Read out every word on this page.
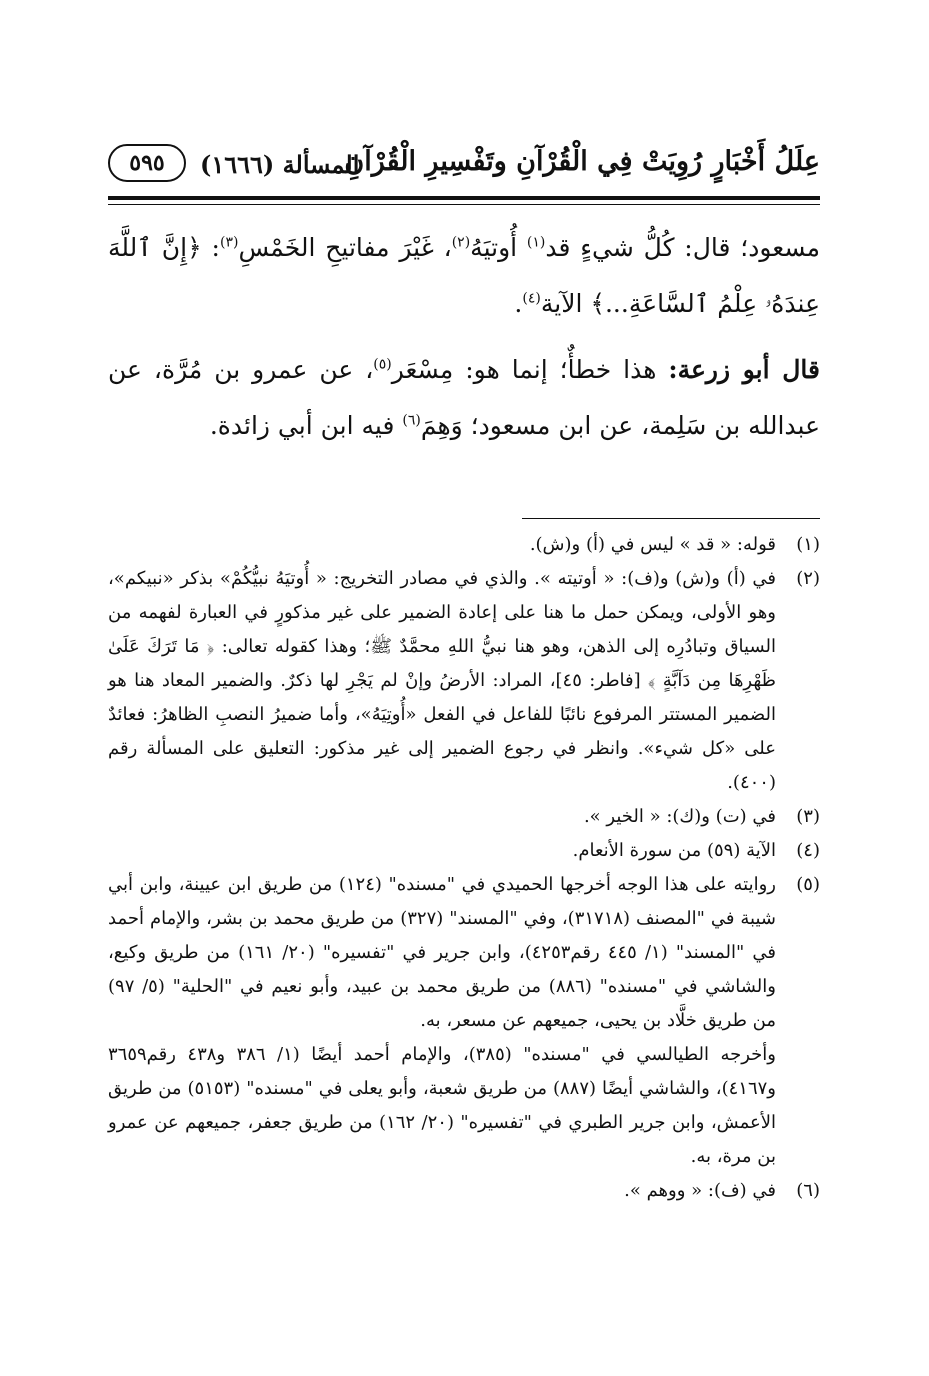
عِلَلُ أَخْبَارٍ رُوِيَتْ فِي الْقُرْآنِ وتَفْسِيرِ الْقُرْآنِ
المسألة (١٦٦٦)
٥٩٥

مسعود؛ قال: كُلُّ شيءٍ قد$^{(١)}$ أُوتيَهُ$^{(٢)}$، غَيْرَ مفاتيحِ الخَمْسِ$^{(٣)}$: ﴿إِنَّ ٱللَّهَ عِندَهُۥ عِلْمُ ٱلسَّاعَةِ...﴾ الآية$^{(٤)}$.

قال أبو زرعة: هذا خطأٌ؛ إنما هو: مِسْعَر$^{(٥)}$، عن عمرو بن مُرَّة، عن عبدالله بن سَلِمة، عن ابن مسعود؛ وَهِمَ$^{(٦)}$ فيه ابن أبي زائدة.

(١)
قوله: « قد » ليس في (أ) و(ش).

(٢)
في (أ) و(ش) و(ف): « أوتيته ». والذي في مصادر التخريج: « أُوتيَهُ نبيُّكُمْ» بذكر «نبيكم»، وهو الأولى، ويمكن حمل ما هنا على إعادة الضمير على غير مذكورٍ في العبارة لفهمه من السياق وتبادُرِه إلى الذهن، وهو هنا نبيُّ اللهِ محمَّدٌ ﷺ؛ وهذا كقوله تعالى: ﴿ مَا تَرَكَ عَلَىٰ ظَهْرِهَا مِن دَآبَّةٍ ﴾ [فاطر: ٤٥]، المراد: الأرضُ وإنْ لم يَجْرِ لها ذكرٌ. والضمير المعاد هنا هو الضمير المستتر المرفوع نائبًا للفاعل في الفعل «أُوتِيَهُ»، وأما ضميرُ النصبِ الظاهرُ: فعائدٌ على «كل شيء». وانظر في رجوع الضمير إلى غير مذكور: التعليق على المسألة رقم (٤٠٠).

(٣)
في (ت) و(ك): « الخير ».

(٤)
الآية (٥٩) من سورة الأنعام.

(٥)
روايته على هذا الوجه أخرجها الحميدي في "مسنده" (١٢٤) من طريق ابن عيينة، وابن أبي شيبة في "المصنف (٣١٧١٨)، وفي "المسند" (٣٢٧) من طريق محمد بن بشر، والإمام أحمد في "المسند" (١/ ٤٤٥ رقم٤٢٥٣)، وابن جرير في "تفسيره" (٢٠/ ١٦١) من طريق وكيع، والشاشي في "مسنده" (٨٨٦) من طريق محمد بن عبيد، وأبو نعيم في "الحلية" (٥/ ٩٧) من طريق خلَّاد بن يحيى، جميعهم عن مسعر، به.

وأخرجه الطيالسي في "مسنده" (٣٨٥)، والإمام أحمد أيضًا (١/ ٣٨٦ و٤٣٨ رقم٣٦٥٩ و٤١٦٧)، والشاشي أيضًا (٨٨٧) من طريق شعبة، وأبو يعلى في "مسنده" (٥١٥٣) من طريق الأعمش، وابن جرير الطبري في "تفسيره" (٢٠/ ١٦٢) من طريق جعفر، جميعهم عن عمرو بن مرة، به.

(٦)
في (ف): « ووهم ».
